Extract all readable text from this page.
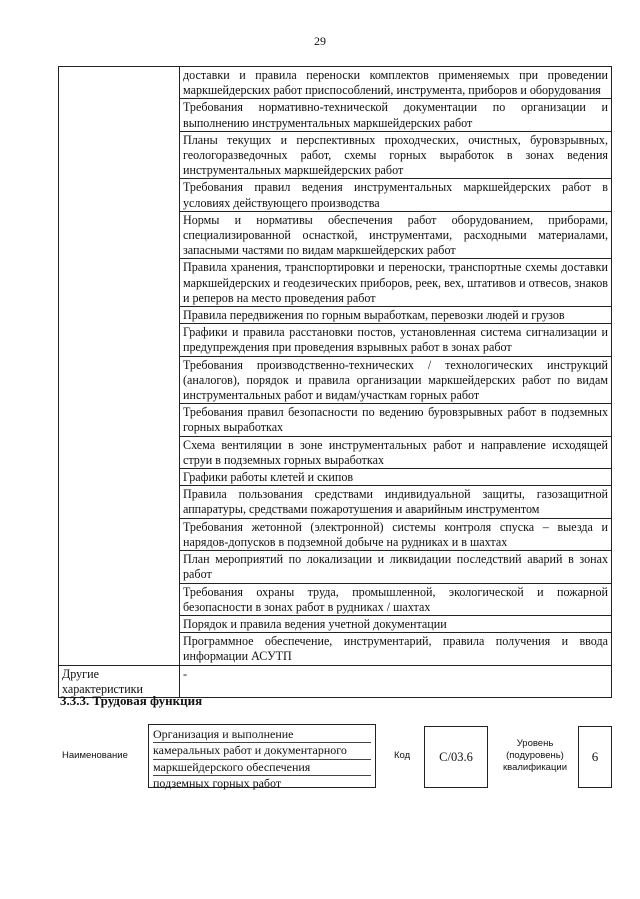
29
	доставки и правила переноски комплектов применяемых при проведении маркшейдерских работ приспособлений, инструмента, приборов и оборудования
	Требования нормативно-технической документации по организации и выполнению инструментальных маркшейдерских работ
	Планы текущих и перспективных проходческих, очистных, буровзрывных, геологоразведочных работ, схемы горных выработок в зонах ведения инструментальных маркшейдерских работ
	Требования правил ведения инструментальных маркшейдерских работ в условиях действующего производства
	Нормы и нормативы обеспечения работ оборудованием, приборами, специализированной оснасткой, инструментами, расходными материалами, запасными частями по видам маркшейдерских работ
	Правила хранения, транспортировки и переноски, транспортные схемы доставки маркшейдерских и геодезических приборов, реек, вех, штативов и отвесов, знаков и реперов на место проведения работ
	Правила передвижения по горным выработкам, перевозки людей и грузов
	Графики и правила расстановки постов, установленная система сигнализации и предупреждения при проведения взрывных работ в зонах работ
	Требования производственно-технических / технологических инструкций (аналогов), порядок и правила организации маркшейдерских работ по видам инструментальных работ и видам/участкам горных работ
	Требования правил безопасности по ведению буровзрывных работ в подземных горных выработках
	Схема вентиляции в зоне инструментальных работ и направление исходящей струи в подземных горных выработках
	Графики работы клетей и скипов
	Правила пользования средствами индивидуальной защиты, газозащитной аппаратуры, средствами пожаротушения и аварийным инструментом
	Требования жетонной (электронной) системы контроля спуска – выезда и нарядов-допусков в подземной добыче на рудниках и в шахтах
	План мероприятий по локализации и ликвидации последствий аварий в зонах работ
	Требования охраны труда, промышленной, экологической и пожарной безопасности в зонах работ в рудниках / шахтах
	Порядок и правила ведения учетной документации
	Программное обеспечение, инструментарий, правила получения и ввода информации АСУТП
Другие характеристики	-
3.3.3. Трудовая функция
Наименование
Организация и выполнение
камеральных работ и документарного
маркшейдерского обеспечения
подземных горных работ
Код С/03.6
Уровень
(подуровень)
квалификации
6
